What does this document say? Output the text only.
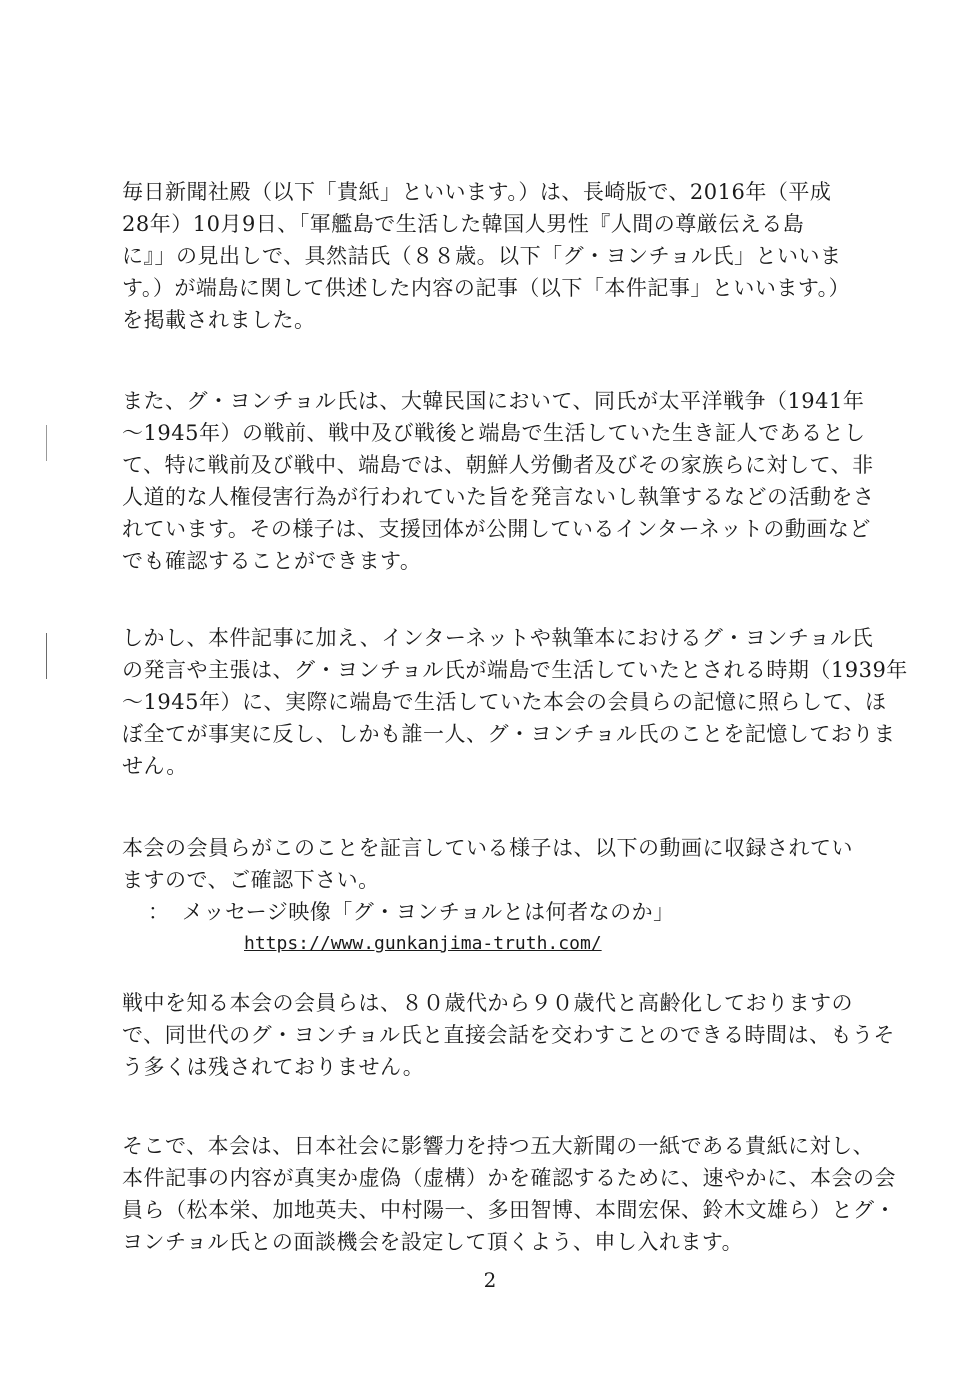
毎日新聞社殿（以下「貴紙」といいます。）は、長崎版で、2016年（平成
28年）10月9日、「軍艦島で生活した韓国人男性『人間の尊厳伝える島
に』」の見出しで、具然詰氏（８８歳。以下「グ・ヨンチョル氏」といいま
す。）が端島に関して供述した内容の記事（以下「本件記事」といいます。）
を掲載されました。

また、グ・ヨンチョル氏は、大韓民国において、同氏が太平洋戦争（1941年
～1945年）の戦前、戦中及び戦後と端島で生活していた生き証人であるとし
て、特に戦前及び戦中、端島では、朝鮮人労働者及びその家族らに対して、非
人道的な人権侵害行為が行われていた旨を発言ないし執筆するなどの活動をさ
れています。その様子は、支援団体が公開しているインターネットの動画など
でも確認することができます。

しかし、本件記事に加え、インターネットや執筆本におけるグ・ヨンチョル氏
の発言や主張は、グ・ヨンチョル氏が端島で生活していたとされる時期（1939年
～1945年）に、実際に端島で生活していた本会の会員らの記憶に照らして、ほ
ぼ全てが事実に反し、しかも誰一人、グ・ヨンチョル氏のことを記憶しておりま
せん。

本会の会員らがこのことを証言している様子は、以下の動画に収録されてい
ますので、ご確認下さい。

： メッセージ映像「グ・ヨンチョルとは何者なのか」
https://www.gunkanjima-truth.com/

戦中を知る本会の会員らは、８０歳代から９０歳代と高齢化しておりますの
で、同世代のグ・ヨンチョル氏と直接会話を交わすことのできる時間は、もうそ
う多くは残されておりません。

そこで、本会は、日本社会に影響力を持つ五大新聞の一紙である貴紙に対し、
本件記事の内容が真実か虚偽（虚構）かを確認するために、速やかに、本会の会
員ら（松本栄、加地英夫、中村陽一、多田智博、本間宏保、鈴木文雄ら）とグ・
ヨンチョル氏との面談機会を設定して頂くよう、申し入れます。

2
